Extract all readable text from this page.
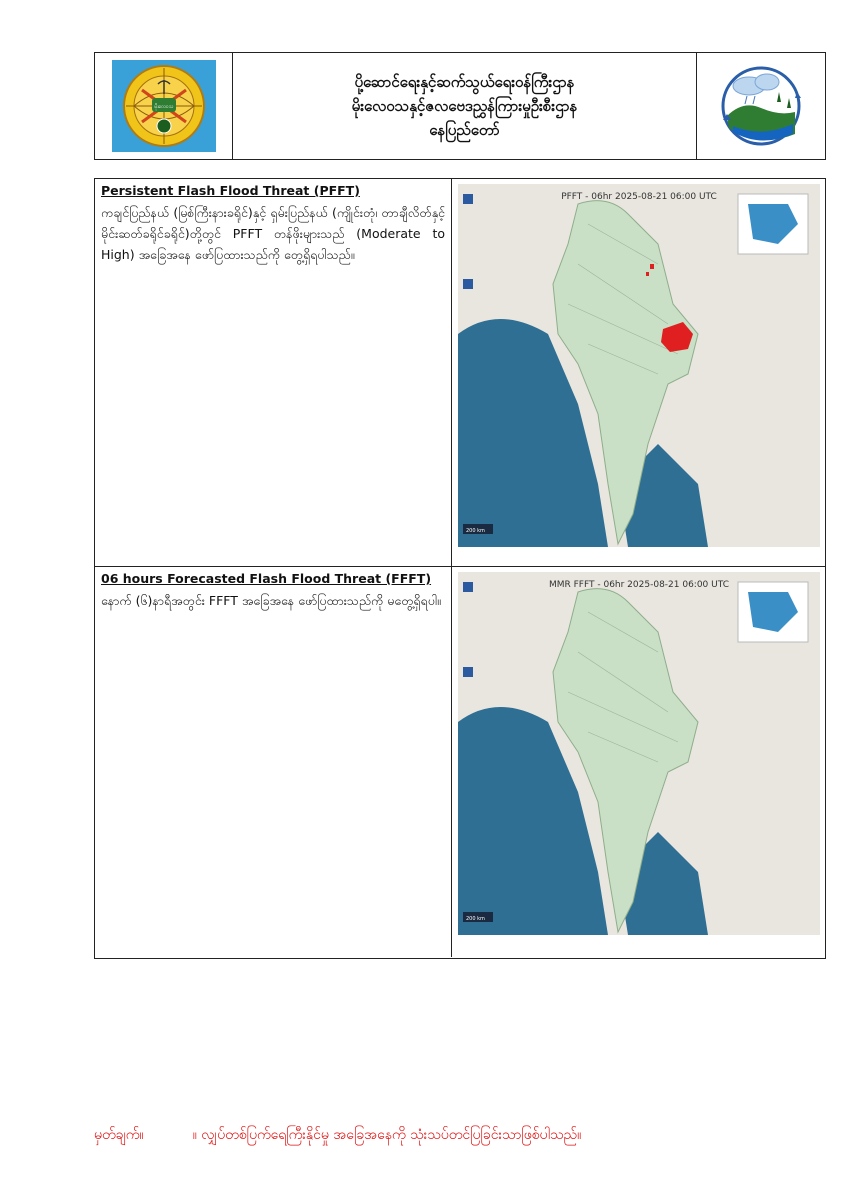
မိုးလေဝသ
ပို့ဆောင်ရေးနှင့်ဆက်သွယ်ရေးဝန်ကြီးဌာန
မိုးလေဝသနှင့်ဇလဗေဒညွှန်ကြားမှုဦးစီးဌာန
နေပြည်တော်
Persistent Flash Flood Threat (PFFT)
ကချင်ပြည်နယ် (မြစ်ကြီးနားခရိုင်)နှင့် ရှမ်းပြည်နယ် (ကျိုင်းတုံ၊ တာချီလိတ်နှင့် မိုင်းဆတ်ခရိုင်ခရိုင်)တို့တွင် PFFT တန်ဖိုးများသည် (Moderate to High) အခြေအနေ ဖော်ပြထားသည်ကို တွေ့ရှိရပါသည်။
200 km
PFFT - 06hr 2025-08-21 06:00 UTC
06 hours Forecasted Flash Flood Threat (FFFT)
နောက် (၆)နာရီအတွင်း FFFT အခြေအနေ ဖော်ပြထားသည်ကို မတွေ့ရှိရပါ။
200 km
MMR FFFT - 06hr 2025-08-21 06:00 UTC
မှတ်ချက်။	။ လျှပ်တစ်ပြက်ရေကြီးနိုင်မှု အခြေအနေကို သုံးသပ်တင်ပြခြင်းသာဖြစ်ပါသည်။
